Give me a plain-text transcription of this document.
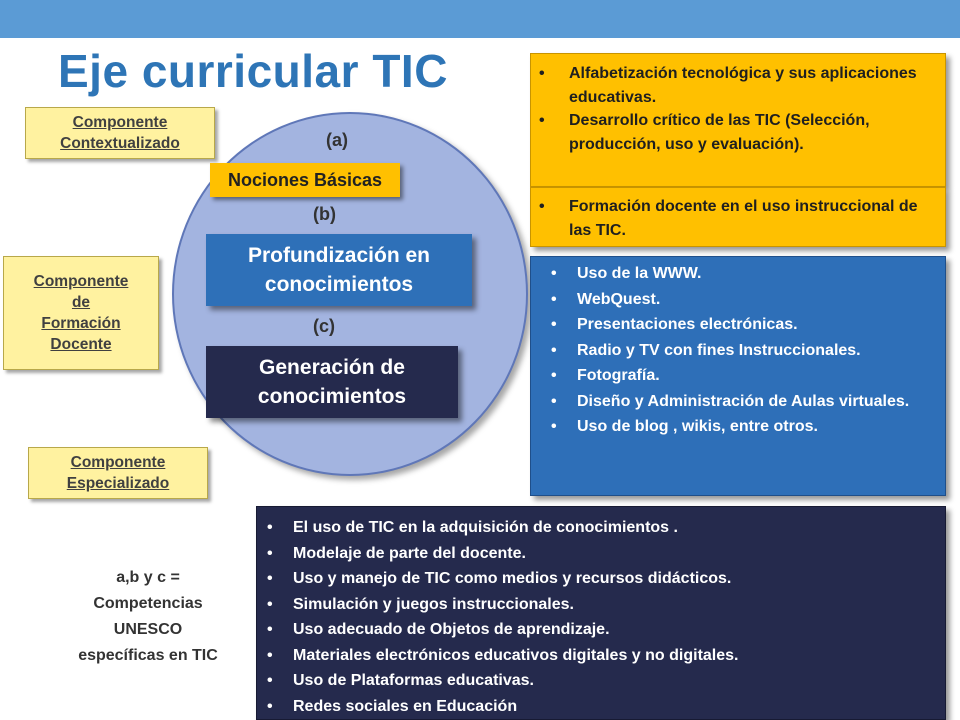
Eje curricular TIC
Componente
Contextualizado
Componente
de
Formación
Docente
Componente
Especializado
(a)
(b)
(c)
Nociones Básicas
Profundización en
conocimientos
Generación de
conocimientos
• Alfabetización tecnológica y sus aplicaciones educativas.
• Desarrollo crítico de las TIC (Selección, producción, uso y evaluación).
• Formación docente en el uso instruccional de las TIC.
• Uso de la WWW.
• WebQuest.
• Presentaciones electrónicas.
• Radio y TV con fines Instruccionales.
• Fotografía.
• Diseño y Administración de Aulas virtuales.
• Uso de blog , wikis, entre otros.
• El uso de TIC en la adquisición de conocimientos .
• Modelaje de parte del docente.
• Uso y manejo de TIC como medios y recursos didácticos.
• Simulación y juegos instruccionales.
• Uso adecuado de Objetos de aprendizaje.
• Materiales electrónicos educativos digitales y no digitales.
• Uso de Plataformas educativas.
• Redes sociales en Educación
a,b y c =
Competencias
UNESCO
específicas en TIC
